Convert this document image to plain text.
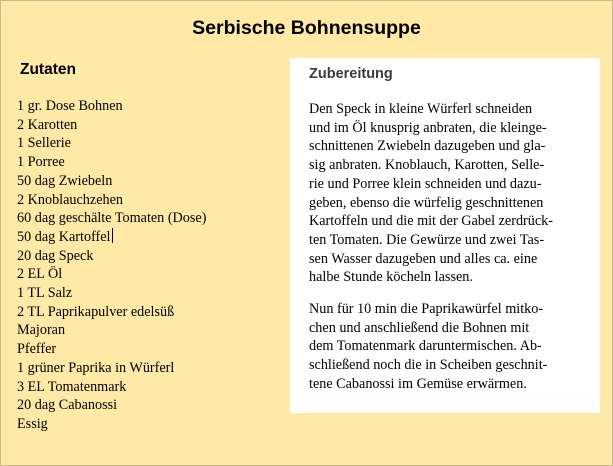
Serbische Bohnensuppe
Zutaten
1 gr. Dose Bohnen
2 Karotten
1 Sellerie
1 Porree
50 dag Zwiebeln
2 Knoblauchzehen
60 dag geschälte Tomaten (Dose)
50 dag Kartoffel
20 dag Speck
2 EL Öl
1 TL Salz
2 TL Paprikapulver edelsüß
Majoran
Pfeffer
1 grüner Paprika in Würferl
3 EL Tomatenmark
20 dag Cabanossi
Essig
Zubereitung

Den Speck in kleine Würferl schneiden
und im Öl knusprig anbraten, die kleinge-
schnittenen Zwiebeln dazugeben und gla-
sig anbraten. Knoblauch, Karotten, Selle-
rie und Porree klein schneiden und dazu-
geben, ebenso die würfelig geschnittenen
Kartoffeln und die mit der Gabel zerdrück-
ten Tomaten. Die Gewürze und zwei Tas-
sen Wasser dazugeben und alles ca. eine
halbe Stunde köcheln lassen.

Nun für 10 min die Paprikawürfel mitko-
chen und anschließend die Bohnen mit
dem Tomatenmark daruntermischen. Ab-
schließend noch die in Scheiben geschnit-
tene Cabanossi im Gemüse erwärmen.
